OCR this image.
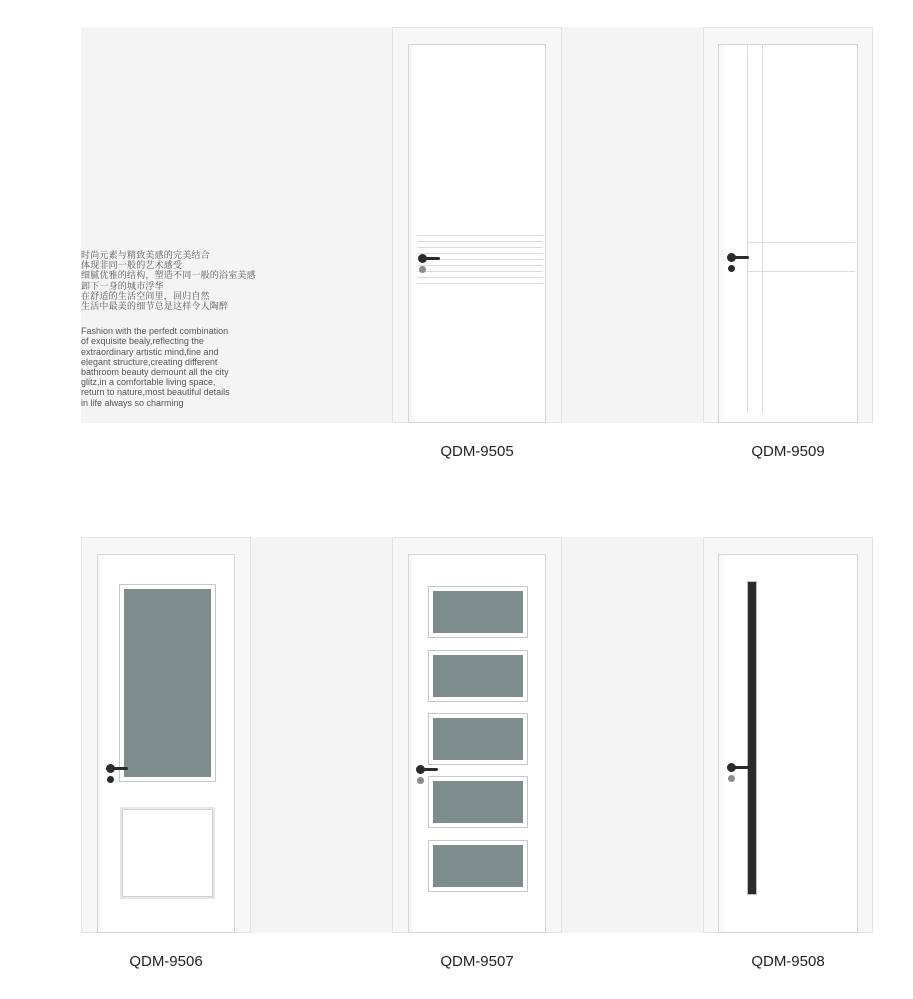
时尚元素与精致美感的完美结合

体现非同一般的艺术感受

细腻优雅的结构，塑造不同一般的浴室美感

卸下一身的城市浮华

在舒适的生活空间里，回归自然

生活中最美的细节总是这样令人陶醉

Fashion with the perfedt combination

of exquisite bealy,reflecting the

extraordinary artistic mind,fine and

elegant structure,creating different

bathroom beauty demount all the city

glitz,in a comfortable living space,

return to nature,most beautiful details

in life always so charming

QDM-9505	QDM-9509
QDM-9506	QDM-9507	QDM-9508
